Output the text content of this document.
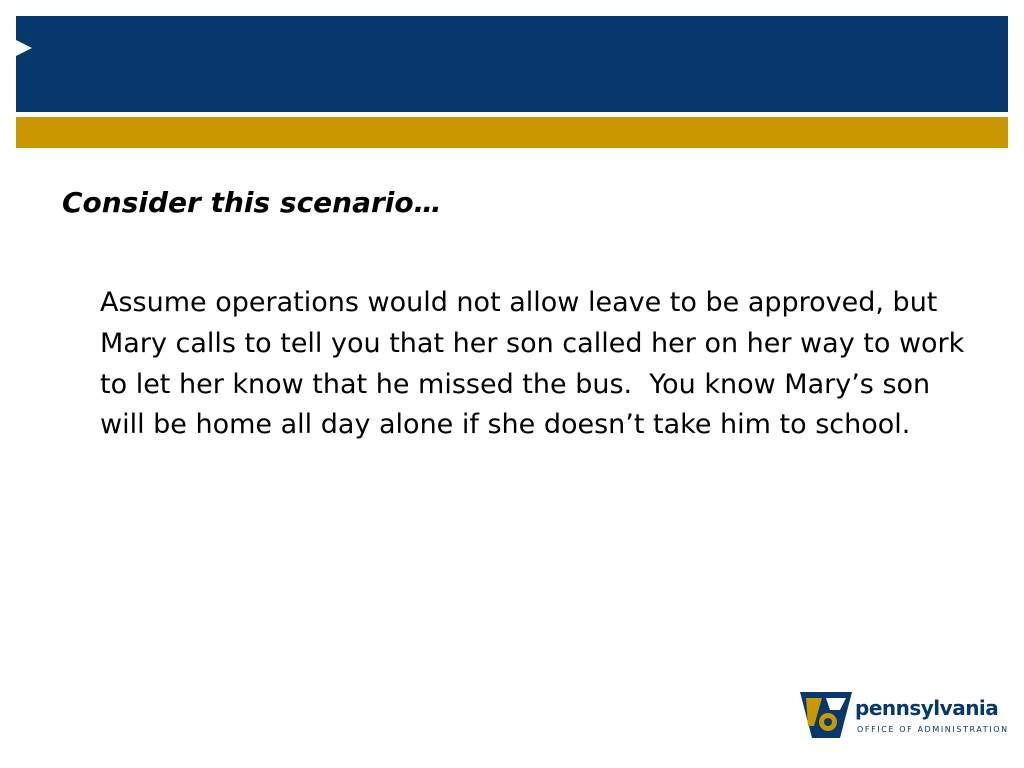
Consider this scenario…

Assume operations would not allow leave to be approved, but Mary calls to tell you that her son called her on her way to work to let her know that he missed the bus.  You know Mary’s son will be home all day alone if she doesn’t take him to school.

pennsylvania
OFFICE OF ADMINISTRATION
